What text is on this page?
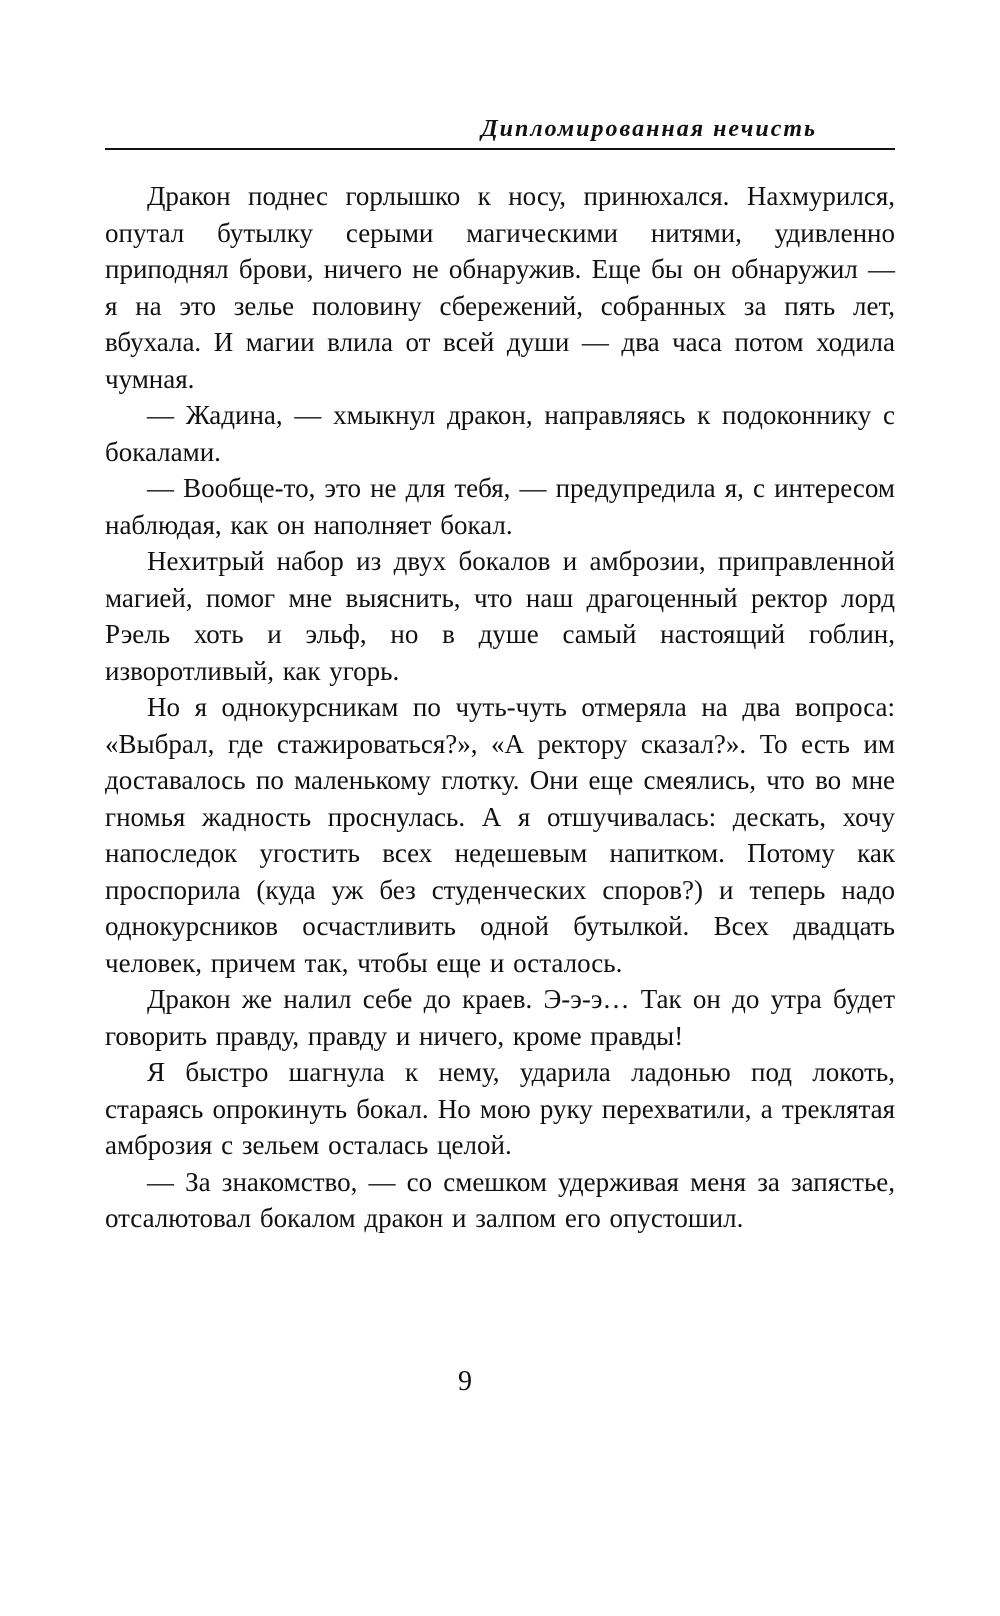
Дипломированная нечисть

Дракон поднес горлышко к носу, принюхался. Нахмурился, опутал бутылку серыми магическими нитями, удивленно приподнял брови, ничего не обнаружив. Еще бы он обнаружил — я на это зелье половину сбережений, собранных за пять лет, вбухала. И магии влила от всей души — два часа потом ходила чумная.

— Жадина, — хмыкнул дракон, направляясь к подоконнику с бокалами.

— Вообще-то, это не для тебя, — предупредила я, с интересом наблюдая, как он наполняет бокал.

Нехитрый набор из двух бокалов и амброзии, приправленной магией, помог мне выяснить, что наш драгоценный ректор лорд Рэель хоть и эльф, но в душе самый настоящий гоблин, изворотливый, как угорь.

Но я однокурсникам по чуть-чуть отмеряла на два вопроса: «Выбрал, где стажироваться?», «А ректору сказал?». То есть им доставалось по маленькому глотку. Они еще смеялись, что во мне гномья жадность проснулась. А я отшучивалась: дескать, хочу напоследок угостить всех недешевым напитком. Потому как проспорила (куда уж без студенческих споров?) и теперь надо однокурсников осчастливить одной бутылкой. Всех двадцать человек, причем так, чтобы еще и осталось.

Дракон же налил себе до краев. Э-э-э… Так он до утра будет говорить правду, правду и ничего, кроме правды!

Я быстро шагнула к нему, ударила ладонью под локоть, стараясь опрокинуть бокал. Но мою руку перехватили, а треклятая амброзия с зельем осталась целой.

— За знакомство, — со смешком удерживая меня за запястье, отсалютовал бокалом дракон и залпом его опустошил.

9
